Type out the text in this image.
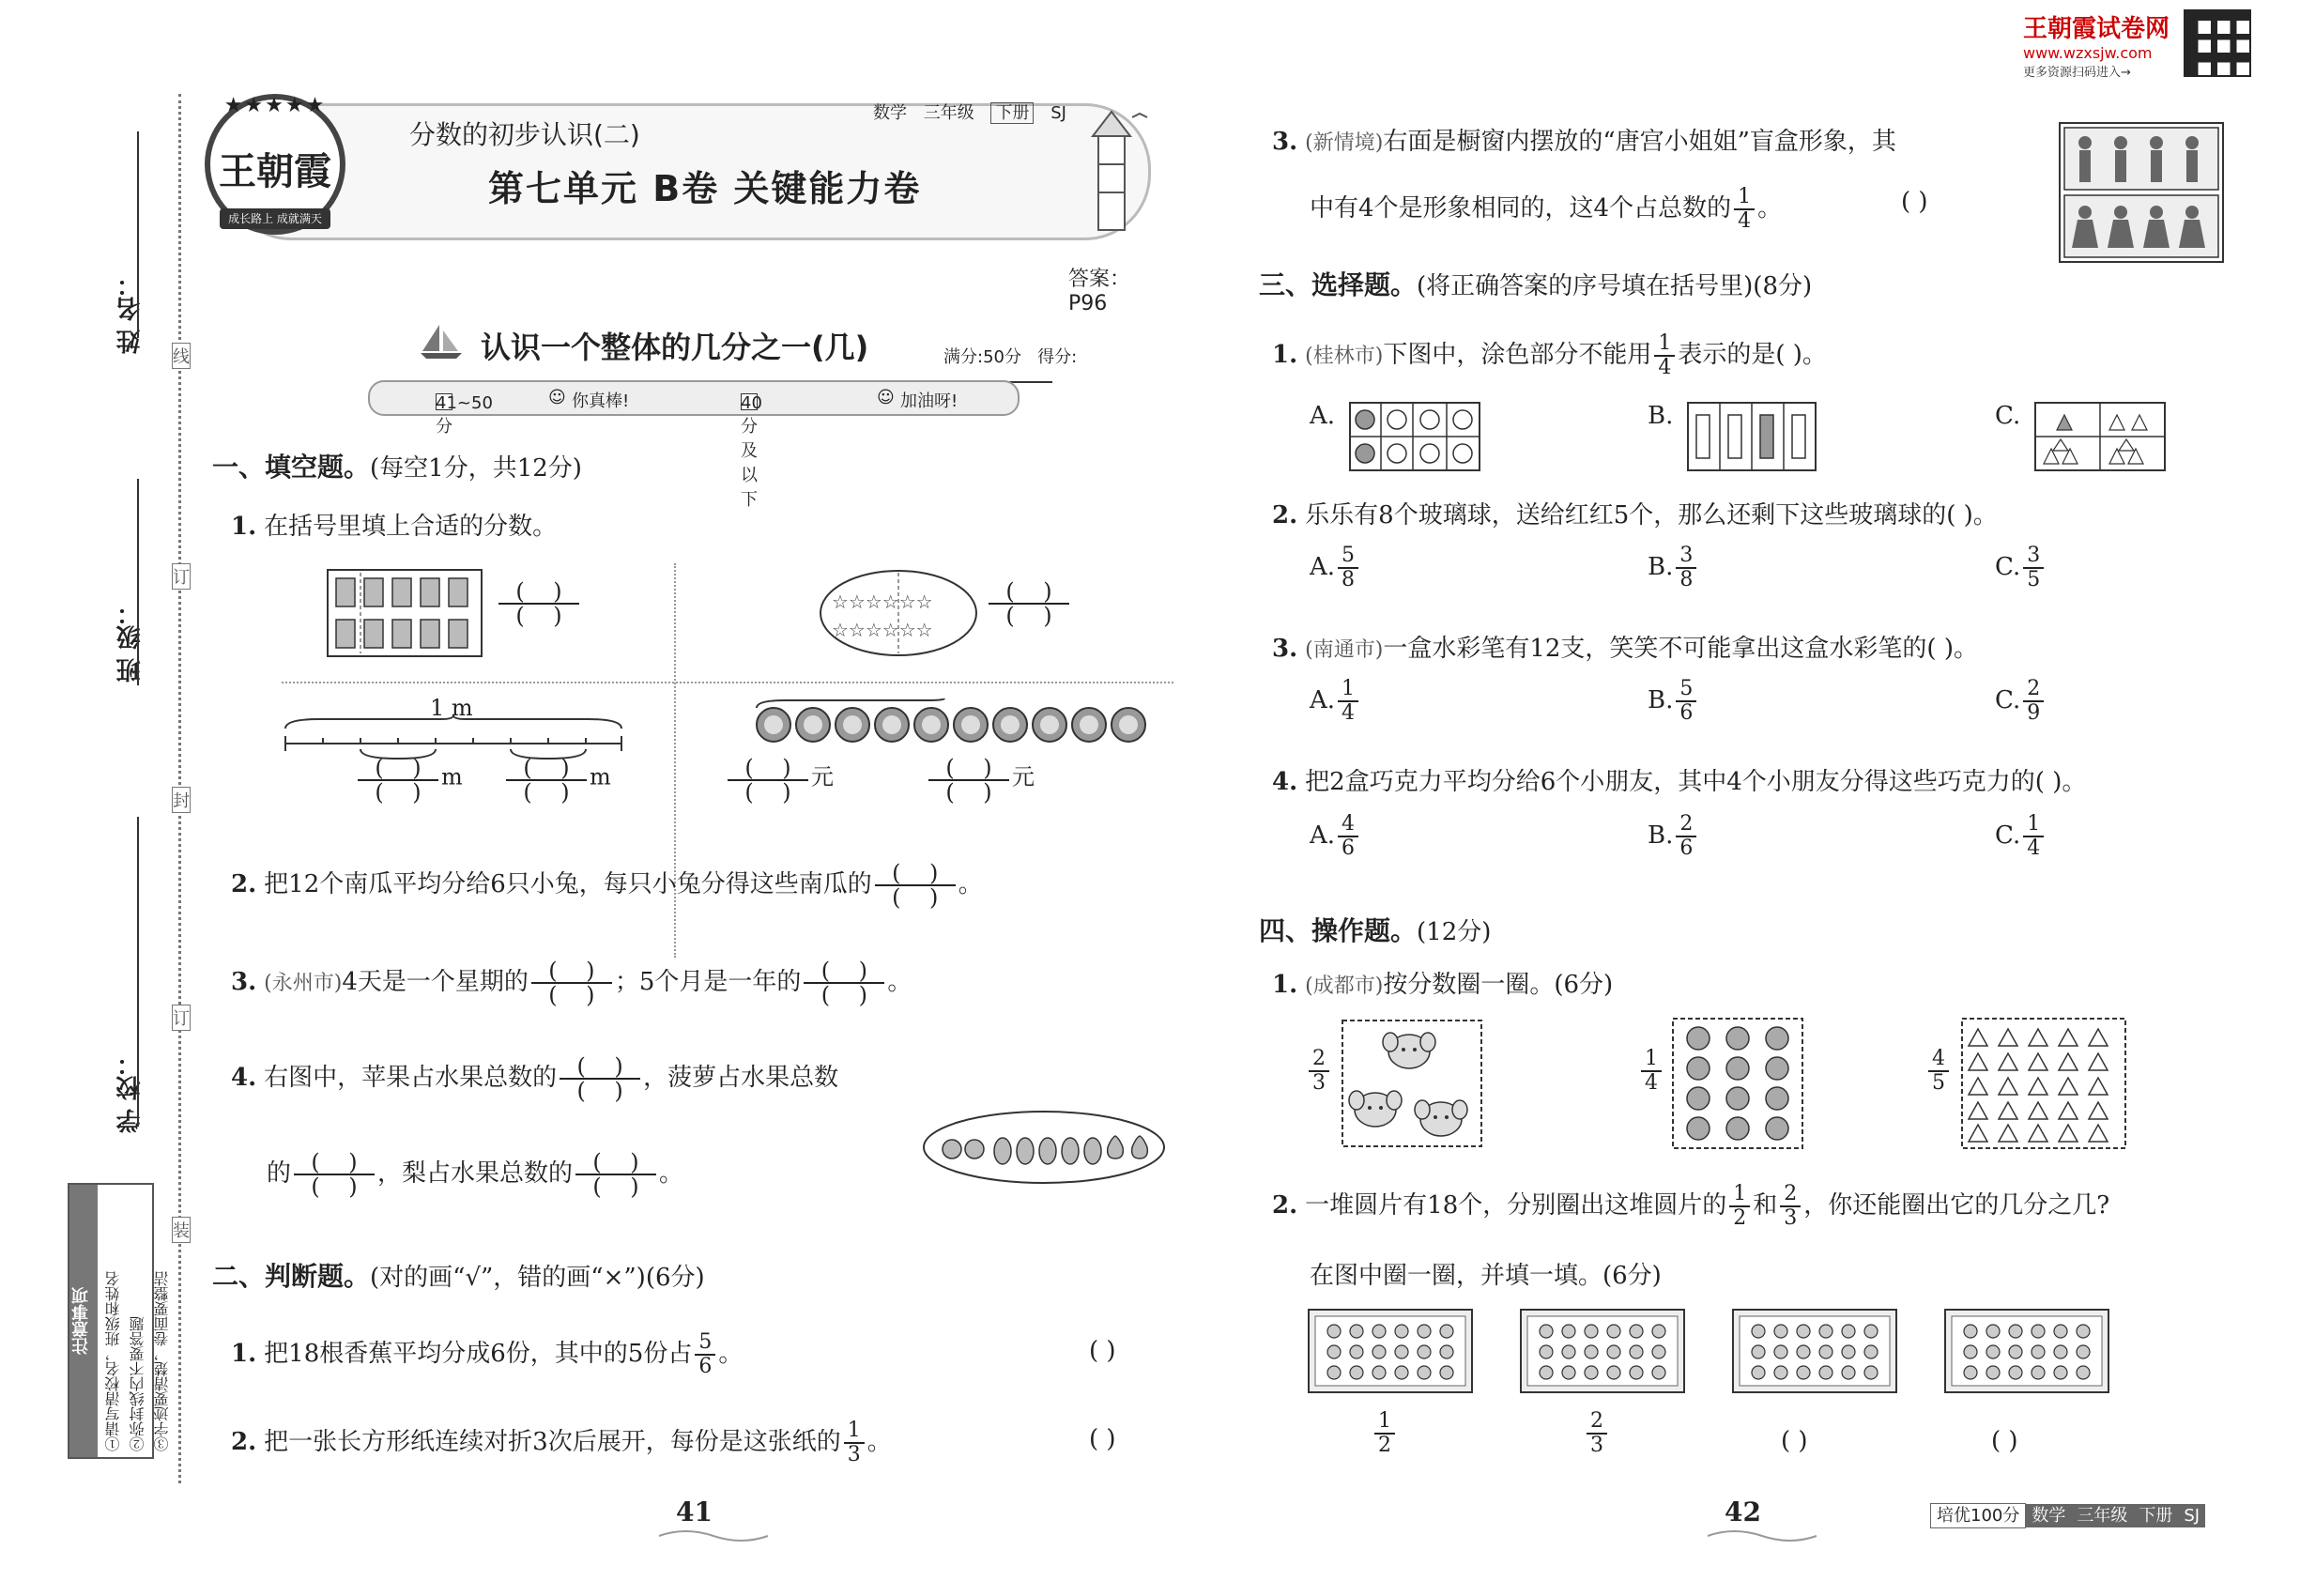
姓 名：
班 级：
学 校：
线
订
封
订
装
注意事项 ①请写清校名，班级和姓名 ②弥封线内不要答题 ③字迹要清楚，卷面要整洁
★★★★★
王朝霞
成长路上 成就满天
分数的初步认识(二)
第七单元 B卷 关键能力卷
数学 三年级 下册 SJ
答案：P96
认识一个整体的几分之一(几)	满分:50分 得分:
41~50分
☺ 你真棒!	40分及以下
☺ 加油呀!
一、填空题。(每空1分，共12分)
1. 在括号里填上合适的分数。
(    )
(    )
☆☆☆☆☆☆
☆☆☆☆☆☆
(    )
(    )
1 m
(    )
(    )
m	(    )
(    )
m	(    )
(    )
元	(    )
(    )
元
2. 把12个南瓜平均分给6只小兔，每只小兔分得这些南瓜的 (    )
(    ) 。
3. (永州市)4天是一个星期的 (    )
(    ) ；5个月是一年的 (    )
(    ) 。
4. 右图中，苹果占水果总数的 (    )
(    ) ，菠萝占水果总数
的 (    )
(    ) ，梨占水果总数的 (    )
(    ) 。
二、判断题。(对的画“√”，错的画“×”)(6分)
1. 把18根香蕉平均分成6份，其中的5份占 $\frac{5}{6}$ 。	( )
2. 把一张长方形纸连续对折3次后展开，每份是这张纸的 $\frac{1}{3}$ 。	( )
41
3. (新情境)右面是橱窗内摆放的“唐宫小姐姐”盲盒形象，其
中有4个是形象相同的，这4个占总数的 $\frac{1}{4}$ 。	( )
三、选择题。(将正确答案的序号填在括号里)(8分)
1. (桂林市)下图中，涂色部分不能用 $\frac{1}{4}$ 表示的是( )。
A.	B.	C.
2. 乐乐有8个玻璃球，送给红红5个，那么还剩下这些玻璃球的( )。
A. $\frac{5}{8}$	B. $\frac{3}{8}$	C. $\frac{3}{5}$
3. (南通市)一盒水彩笔有12支，笑笑不可能拿出这盒水彩笔的( )。
A. $\frac{1}{4}$	B. $\frac{5}{6}$	C. $\frac{2}{9}$
4. 把2盒巧克力平均分给6个小朋友，其中4个小朋友分得这些巧克力的( )。
A. $\frac{4}{6}$	B. $\frac{2}{6}$	C. $\frac{1}{4}$
四、操作题。(12分)
1. (成都市)按分数圈一圈。(6分)
$\frac{2}{3}$	$\frac{1}{4}$	$\frac{4}{5}$
2. 一堆圆片有18个，分别圈出这堆圆片的 $\frac{1}{2}$ 和 $\frac{2}{3}$ ，你还能圈出它的几分之几?
在图中圈一圈，并填一填。(6分)
$\frac{1}{2}$	$\frac{2}{3}$	( )	( )
42
王朝霞试卷网
www.wzxsjw.com
更多资源扫码进入→
培优100分 数学 三年级 下册 SJ
